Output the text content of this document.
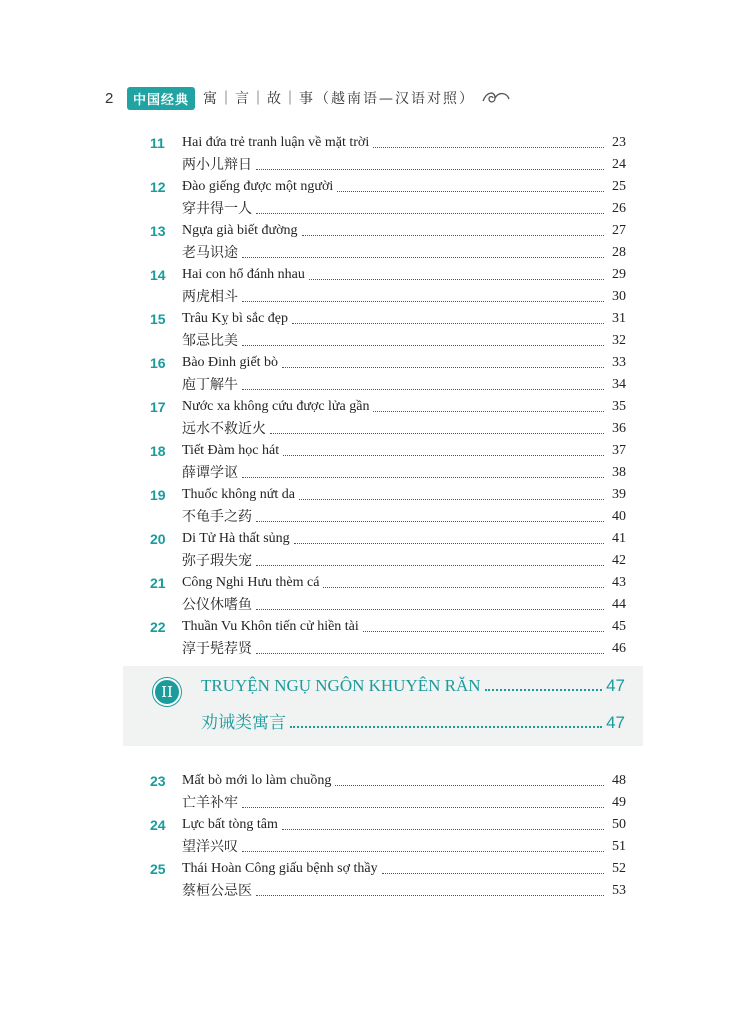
2	中国经典	寓｜言｜故｜事（越南语—汉语对照）
11	Hai đứa trẻ tranh luận về mặt trời	23
两小儿辩日	24
12	Đào giếng được một người	25
穿井得一人	26
13	Ngựa già biết đường	27
老马识途	28
14	Hai con hổ đánh nhau	29
两虎相斗	30
15	Trâu Kỵ bì sắc đẹp	31
邹忌比美	32
16	Bào Đinh giết bò	33
庖丁解牛	34
17	Nước xa không cứu được lửa gần	35
远水不救近火	36
18	Tiết Đàm học hát	37
薛谭学讴	38
19	Thuốc không nứt da	39
不龟手之药	40
20	Di Tử Hà thất sủng	41
弥子瑕失宠	42
21	Công Nghi Hưu thèm cá	43
公仪休嗜鱼	44
22	Thuần Vu Khôn tiến cử hiền tài	45
淳于髡荐贤	46
II	TRUYỆN NGỤ NGÔN KHUYÊN RĂN	47
劝诫类寓言	47
23	Mất bò mới lo làm chuồng	48
亡羊补牢	49
24	Lực bất tòng tâm	50
望洋兴叹	51
25	Thái Hoàn Công giấu bệnh sợ thầy	52
蔡桓公忌医	53
